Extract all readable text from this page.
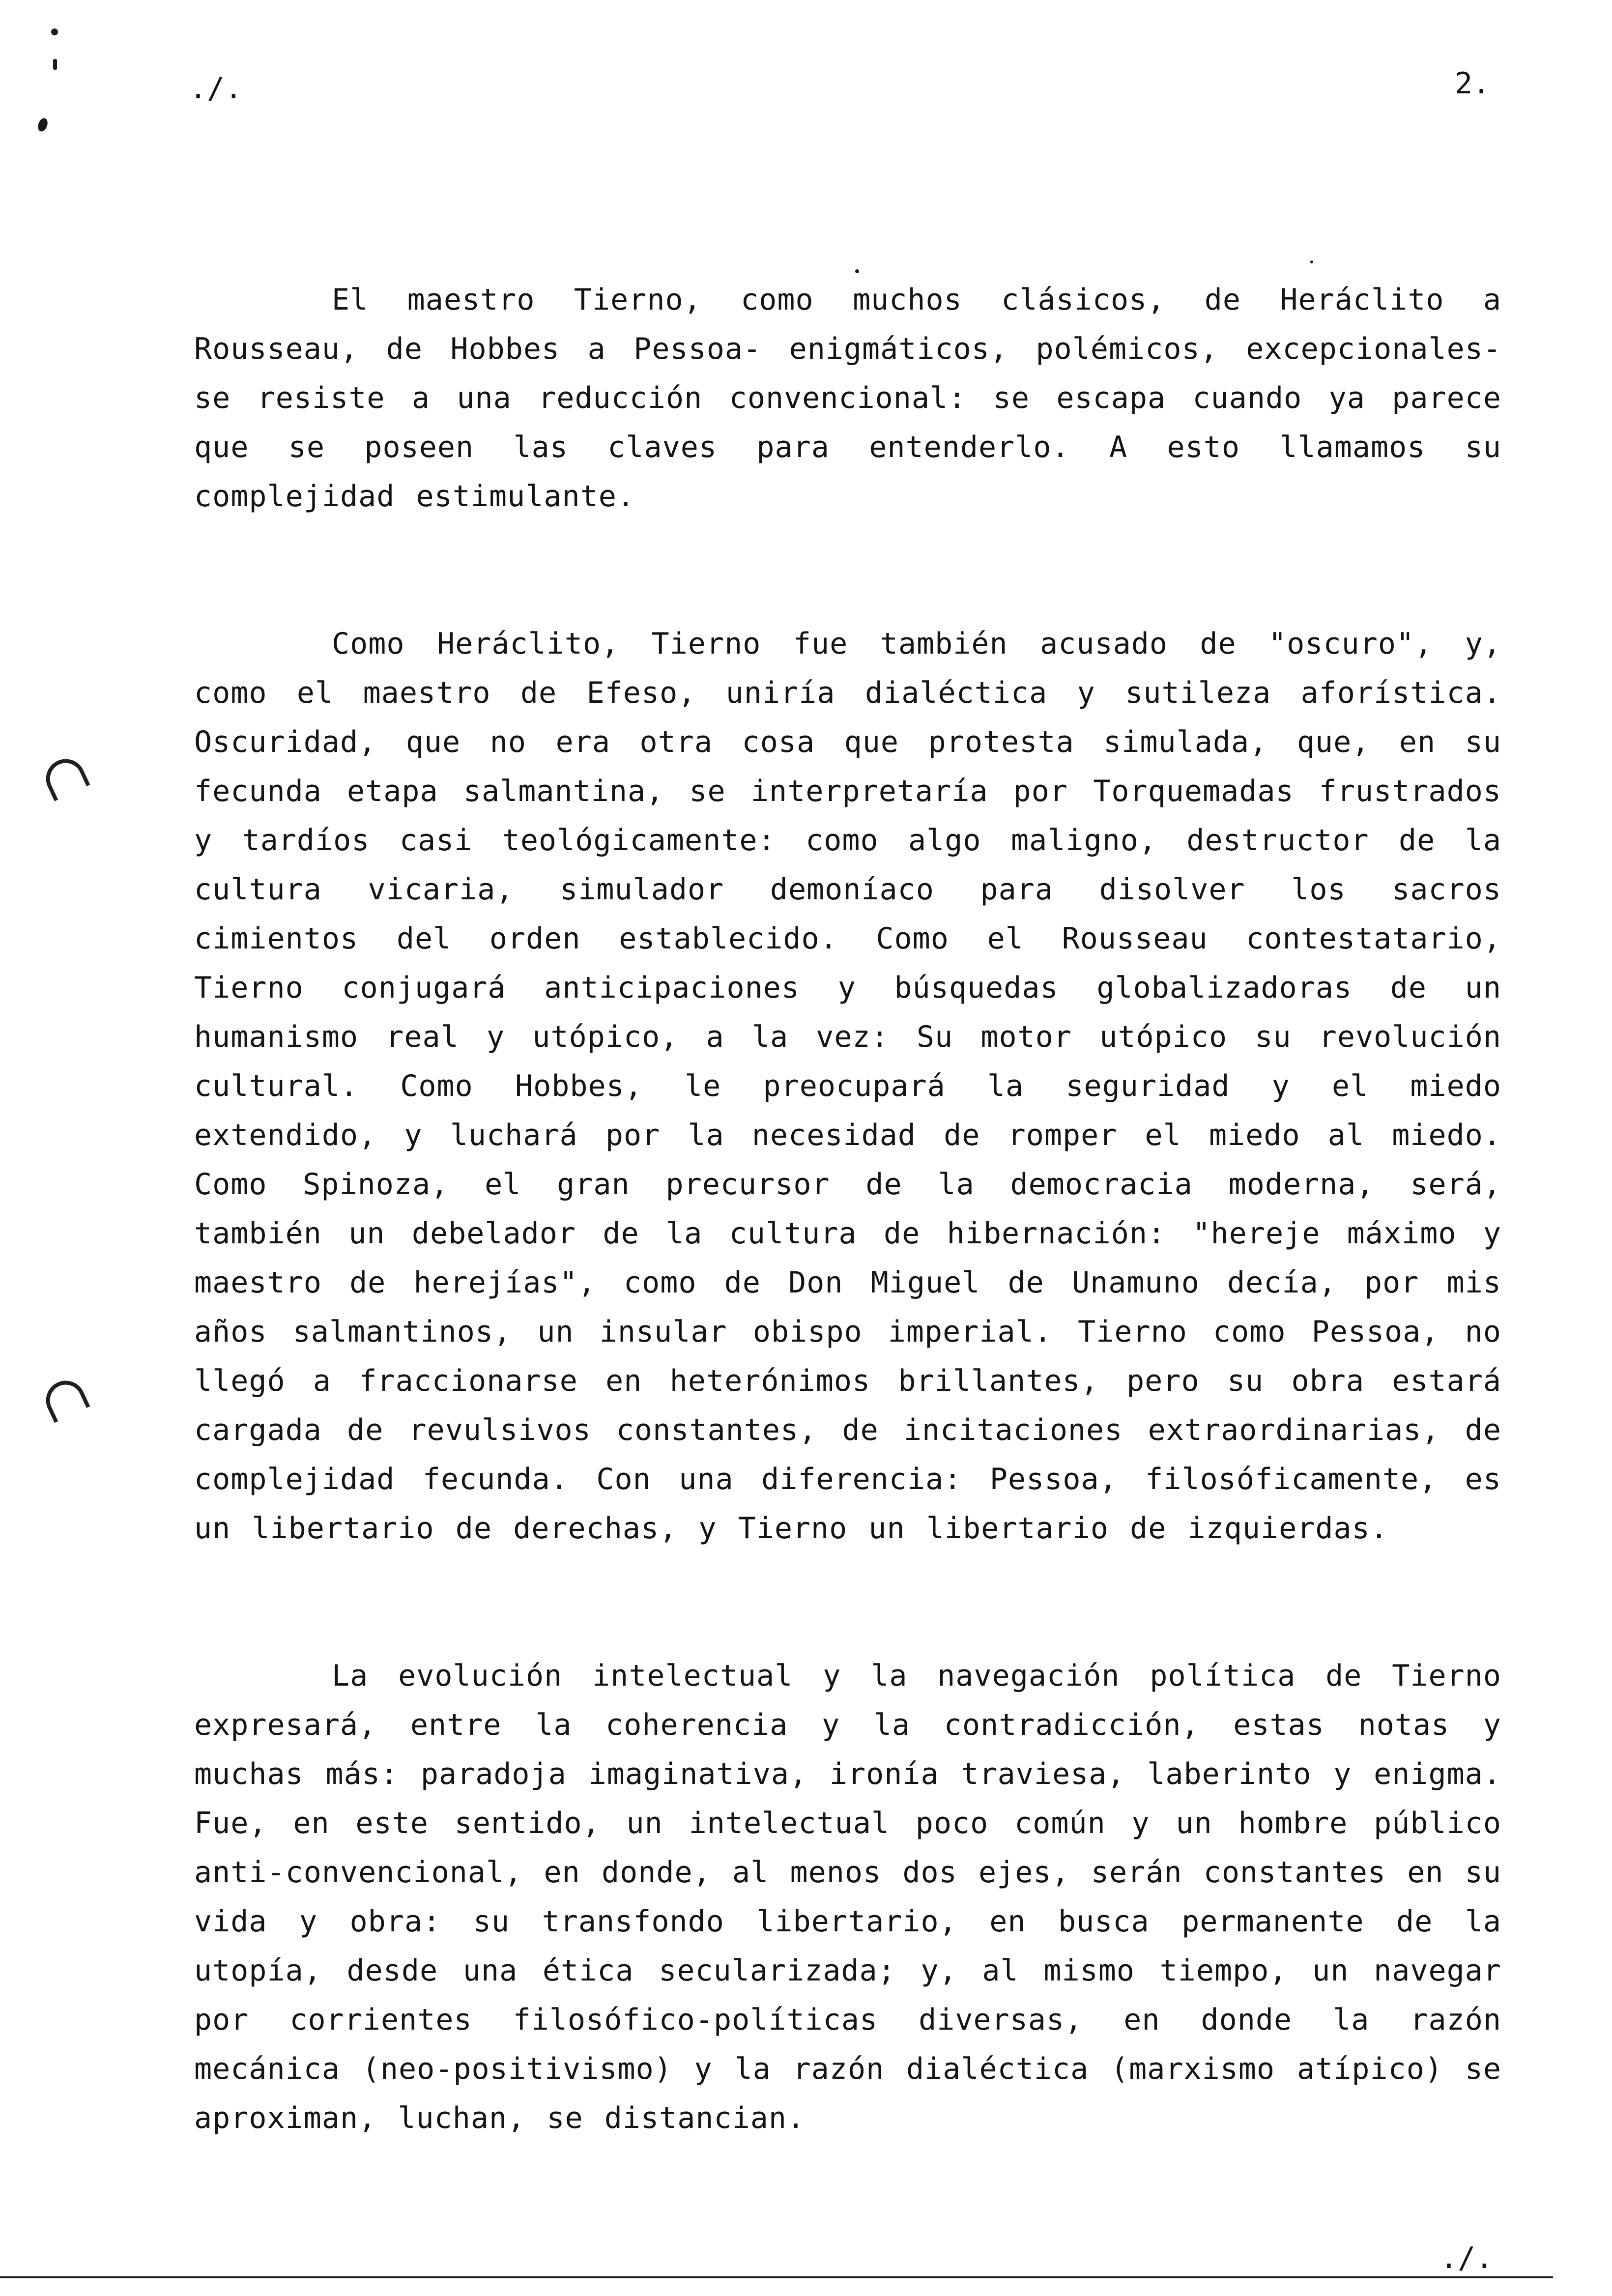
./.	2.

El maestro Tierno, como muchos clásicos, de Heráclito a Rousseau, de Hobbes a Pessoa- enigmáticos, polémicos, excepcionales- se resiste a una reducción convencional: se escapa cuando ya parece que se poseen las claves para entenderlo. A esto llamamos su complejidad estimulante.

Como Heráclito, Tierno fue también acusado de "oscuro", y, como el maestro de Efeso, uniría dialéctica y sutileza aforística. Oscuridad, que no era otra cosa que protesta simulada, que, en su fecunda etapa salmantina, se interpretaría por Torquemadas frustrados y tardíos casi teológicamente: como algo maligno, destructor de la cultura vicaria, simulador demoníaco para disolver los sacros cimientos del orden establecido. Como el Rousseau contestatario, Tierno conjugará anticipaciones y búsquedas globalizadoras de un humanismo real y utópico, a la vez: Su motor utópico su revolución cultural. Como Hobbes, le preocupará la seguridad y el miedo extendido, y luchará por la necesidad de romper el miedo al miedo. Como Spinoza, el gran precursor de la democracia moderna, será, también un debelador de la cultura de hibernación: "hereje máximo y maestro de herejías", como de Don Miguel de Unamuno decía, por mis años salmantinos, un insular obispo imperial. Tierno como Pessoa, no llegó a fraccionarse en heterónimos brillantes, pero su obra estará cargada de revulsivos constantes, de incitaciones extraordinarias, de complejidad fecunda. Con una diferencia: Pessoa, filosóficamente, es un libertario de derechas, y Tierno un libertario de izquierdas.

La evolución intelectual y la navegación política de Tierno expresará, entre la coherencia y la contradicción, estas notas y muchas más: paradoja imaginativa, ironía traviesa, laberinto y enigma. Fue, en este sentido, un intelectual poco común y un hombre público anti-convencional, en donde, al menos dos ejes, serán constantes en su vida y obra: su transfondo libertario, en busca permanente de la utopía, desde una ética secularizada; y, al mismo tiempo, un navegar por corrientes filosófico-políticas diversas, en donde la razón mecánica (neo-positivismo) y la razón dialéctica (marxismo atípico) se aproximan, luchan, se distancian.

./.
